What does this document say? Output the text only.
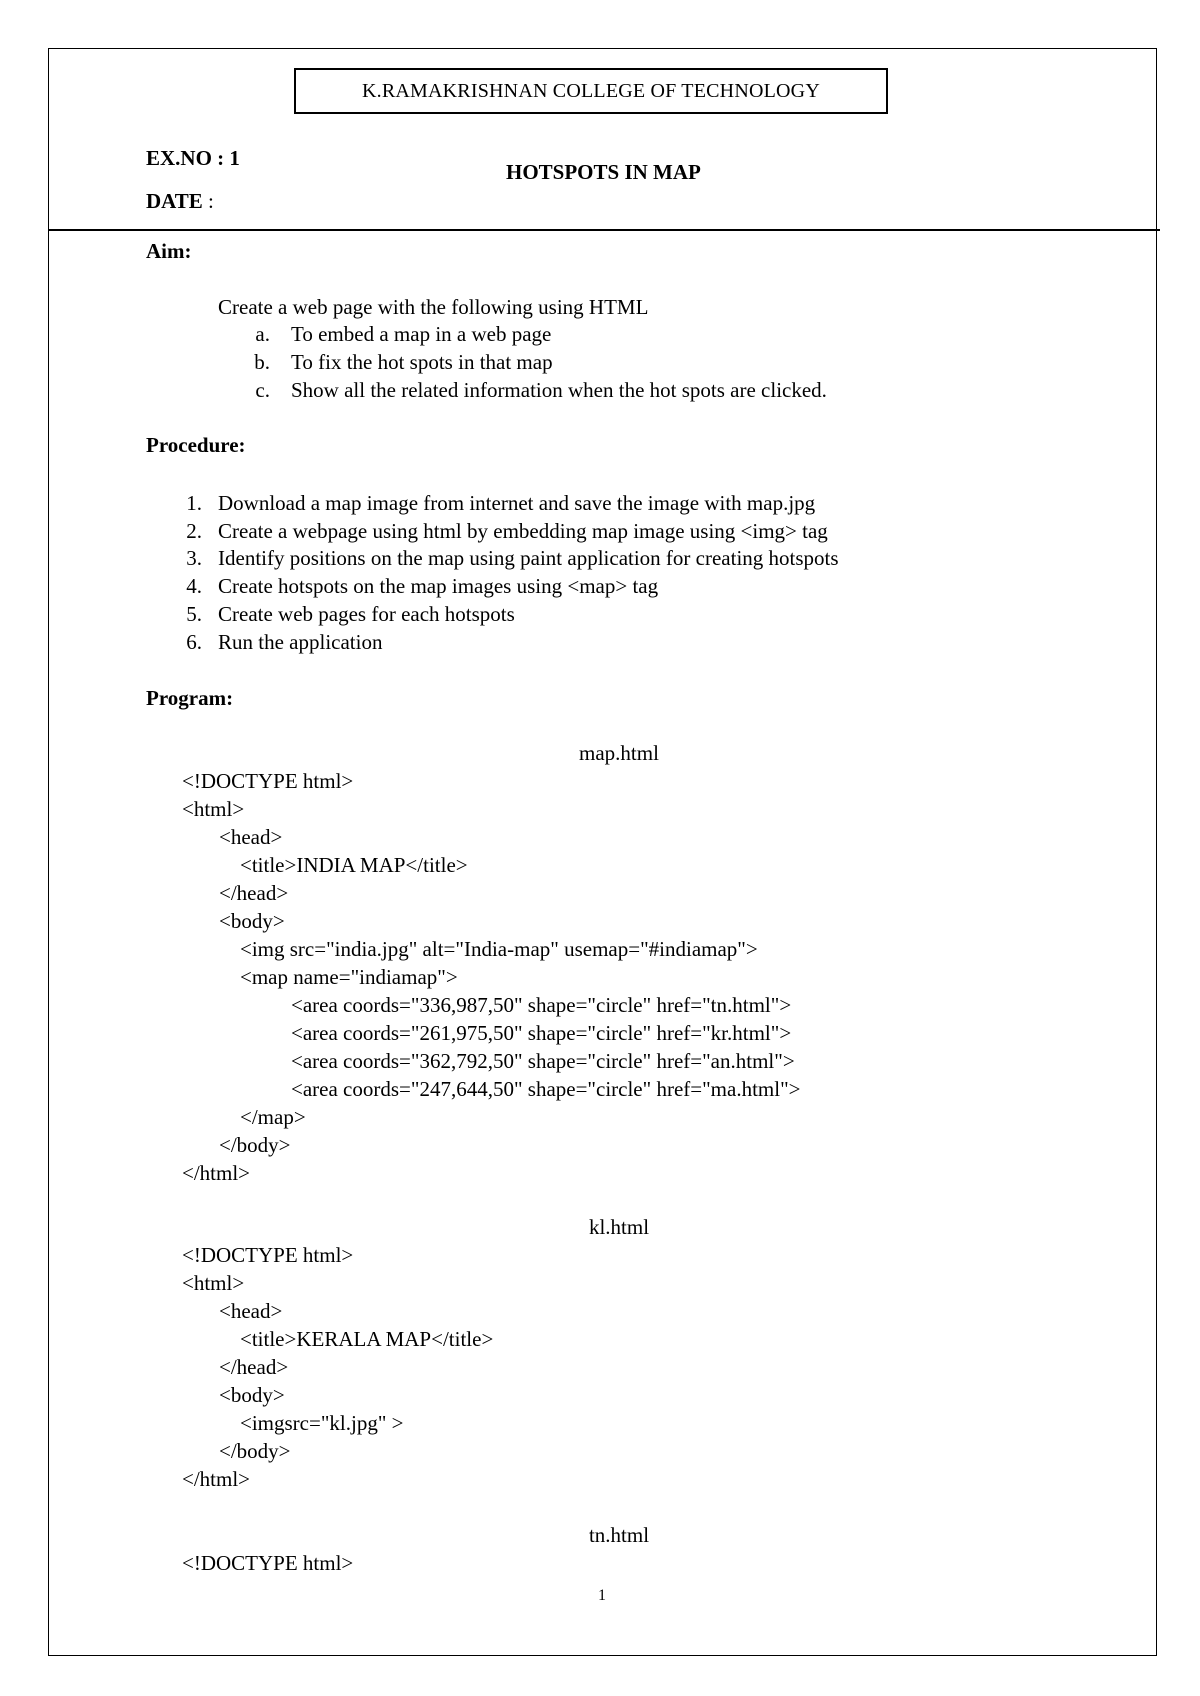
K.RAMAKRISHNAN COLLEGE OF TECHNOLOGY
EX.NO : 1
DATE :
HOTSPOTS IN MAP
Aim:
Create a web page with the following using HTML
a. To embed a map in a web page
b. To fix the hot spots in that map
c. Show all the related information when the hot spots are clicked.
Procedure:
1. Download a map image from internet and save the image with map.jpg
2. Create a webpage using html by embedding map image using <img> tag
3. Identify positions on the map using paint application for creating hotspots
4. Create hotspots on the map images using <map> tag
5. Create web pages for each hotspots
6. Run the application
Program:
map.html
<!DOCTYPE html>
<html>
<head>
<title>INDIA MAP</title>
</head>
<body>
<img src="india.jpg" alt="India-map" usemap="#indiamap">
<map name="indiamap">
<area coords="336,987,50" shape="circle" href="tn.html">
<area coords="261,975,50" shape="circle" href="kr.html">
<area coords="362,792,50" shape="circle" href="an.html">
<area coords="247,644,50" shape="circle" href="ma.html">
</map>
</body>
</html>
kl.html
<!DOCTYPE html>
<html>
<head>
<title>KERALA MAP</title>
</head>
<body>
<imgsrc="kl.jpg" >
</body>
</html>
tn.html
<!DOCTYPE html>
1
